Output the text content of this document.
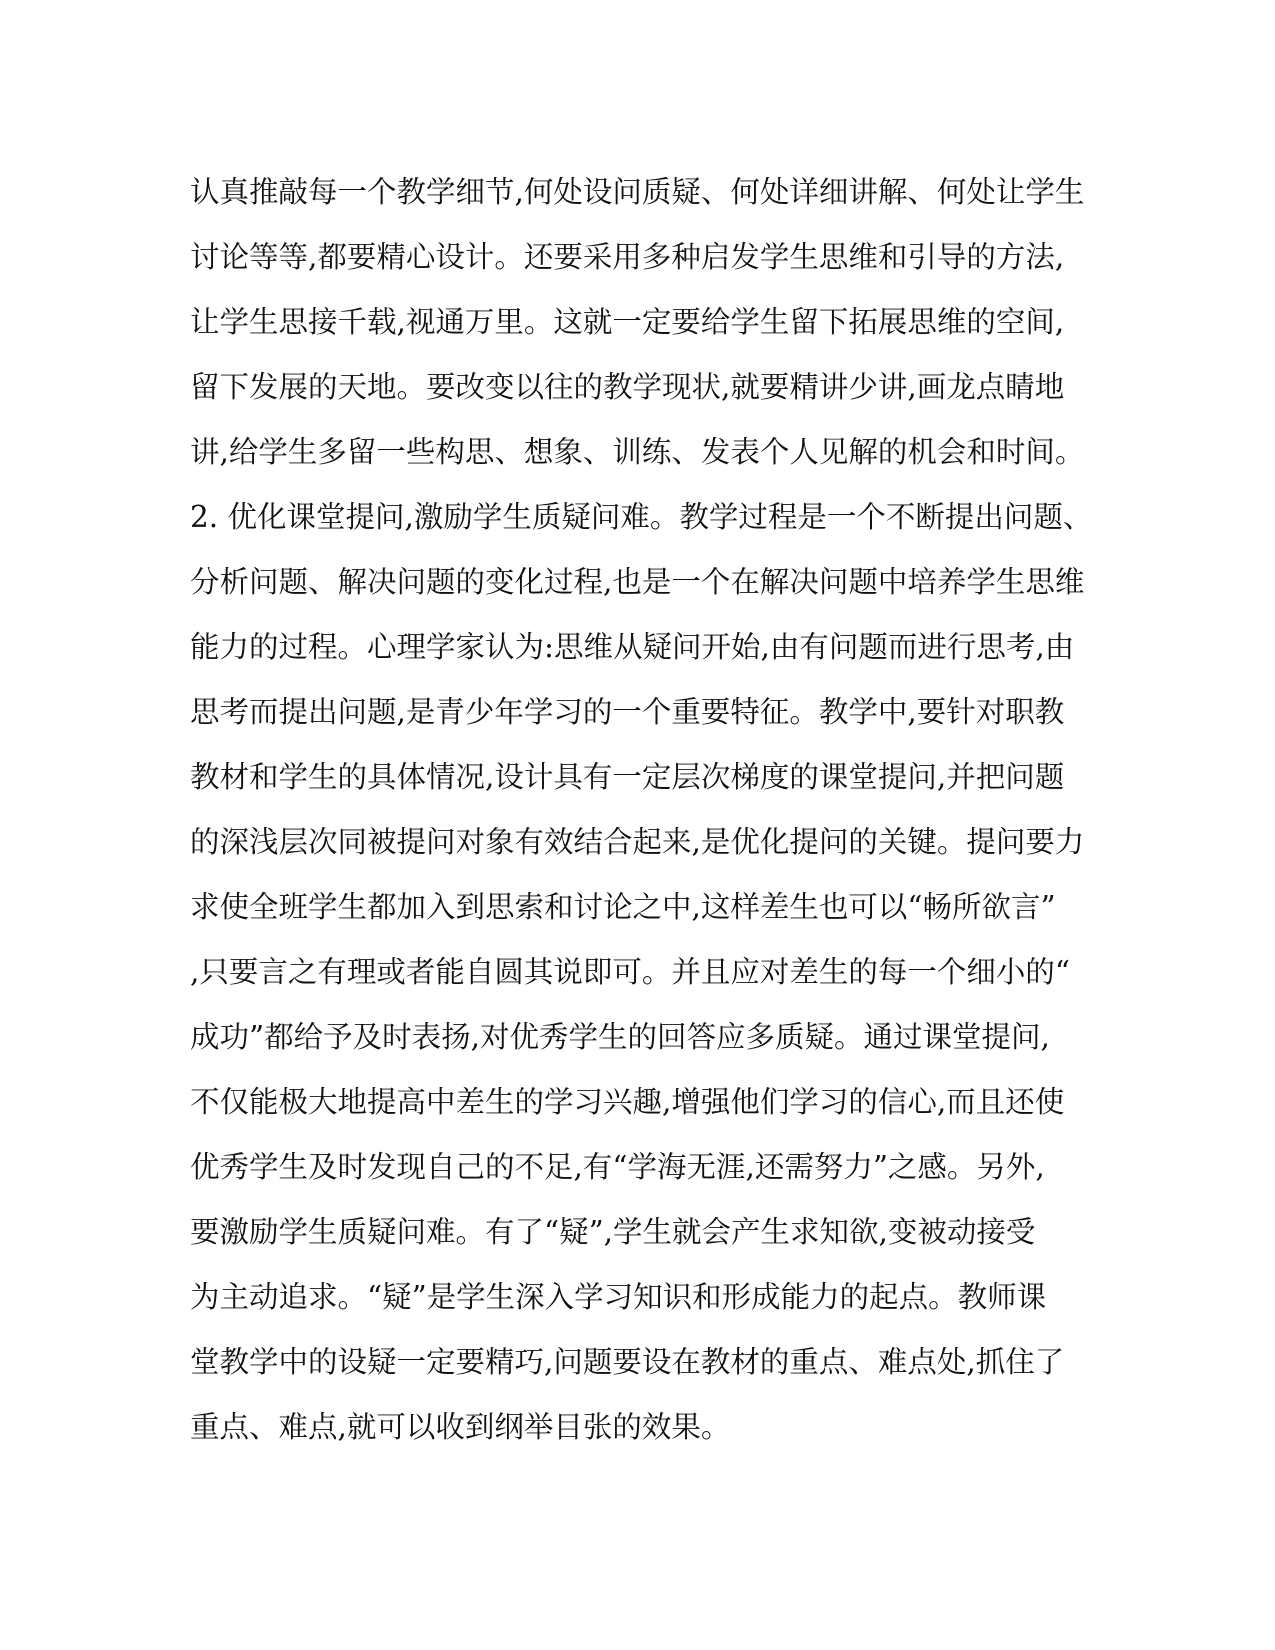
认真推敲每一个教学细节,何处设问质疑、何处详细讲解、何处让学生
讨论等等,都要精心设计。还要采用多种启发学生思维和引导的方法,
让学生思接千载,视通万里。这就一定要给学生留下拓展思维的空间,
留下发展的天地。要改变以往的教学现状,就要精讲少讲,画龙点睛地
讲,给学生多留一些构思、想象、训练、发表个人见解的机会和时间。
2. 优化课堂提问,激励学生质疑问难。教学过程是一个不断提出问题、
分析问题、解决问题的变化过程,也是一个在解决问题中培养学生思维
能力的过程。心理学家认为:思维从疑问开始,由有问题而进行思考,由
思考而提出问题,是青少年学习的一个重要特征。教学中,要针对职教
教材和学生的具体情况,设计具有一定层次梯度的课堂提问,并把问题
的深浅层次同被提问对象有效结合起来,是优化提问的关键。提问要力
求使全班学生都加入到思索和讨论之中,这样差生也可以“畅所欲言”
,只要言之有理或者能自圆其说即可。并且应对差生的每一个细小的“
成功”都给予及时表扬,对优秀学生的回答应多质疑。通过课堂提问,
不仅能极大地提高中差生的学习兴趣,增强他们学习的信心,而且还使
优秀学生及时发现自己的不足,有“学海无涯,还需努力”之感。另外,
要激励学生质疑问难。有了“疑”,学生就会产生求知欲,变被动接受
为主动追求。“疑”是学生深入学习知识和形成能力的起点。教师课
堂教学中的设疑一定要精巧,问题要设在教材的重点、难点处,抓住了
重点、难点,就可以收到纲举目张的效果。
